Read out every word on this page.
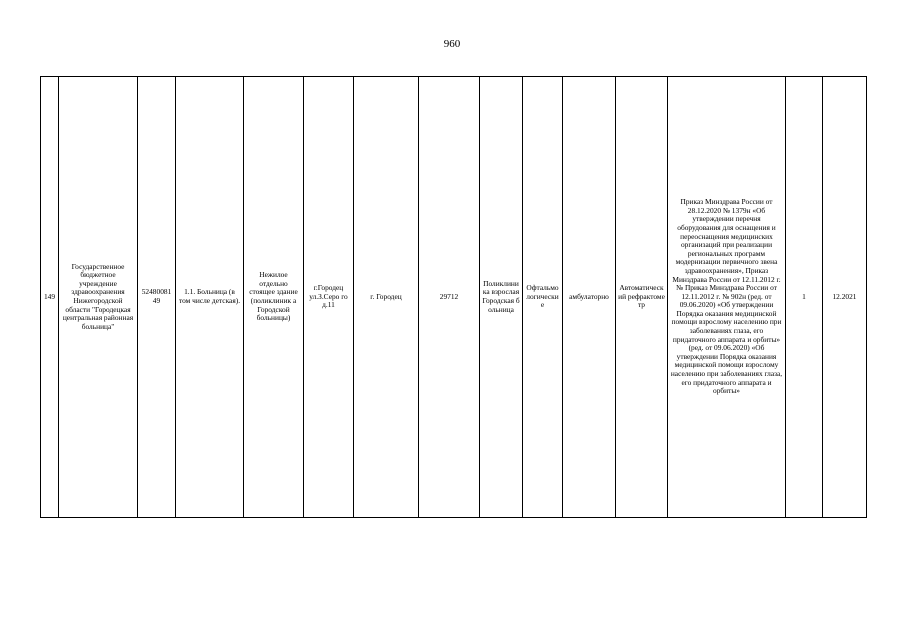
960
149	Государственное бюджетное учреждение здравоохранения Нижегородской области "Городецкая центральная районная больница"	5248008149	1.1. Больница (в том числе детская).	Нежилое отдельно стоящее здание (поликлиник а Городской больницы)	г.Городец ул.З.Серо го д.11	г. Городец	29712	Поликлиника взрослая Городская больница	Офтальмологически е	амбулаторно	Автоматический рефрактометр	Приказ Минздрава России от 28.12.2020 № 1379н «Об утверждении перечня оборудования для оснащения и переоснащения медицинских организаций при реализации региональных программ модернизации первичного звена здравоохранения», Приказ Минздрава России от 12.11.2012 г. № Приказ Минздрава России от 12.11.2012 г. № 902н (ред. от 09.06.2020) «Об утверждении Порядка оказания медицинской помощи взрослому населению при заболеваниях глаза, его придаточного аппарата и орбиты» (ред. от 09.06.2020) «Об утверждении Порядка оказания медицинской помощи взрослому населению при заболеваниях глаза, его придаточного аппарата и орбиты»	1	12.2021
